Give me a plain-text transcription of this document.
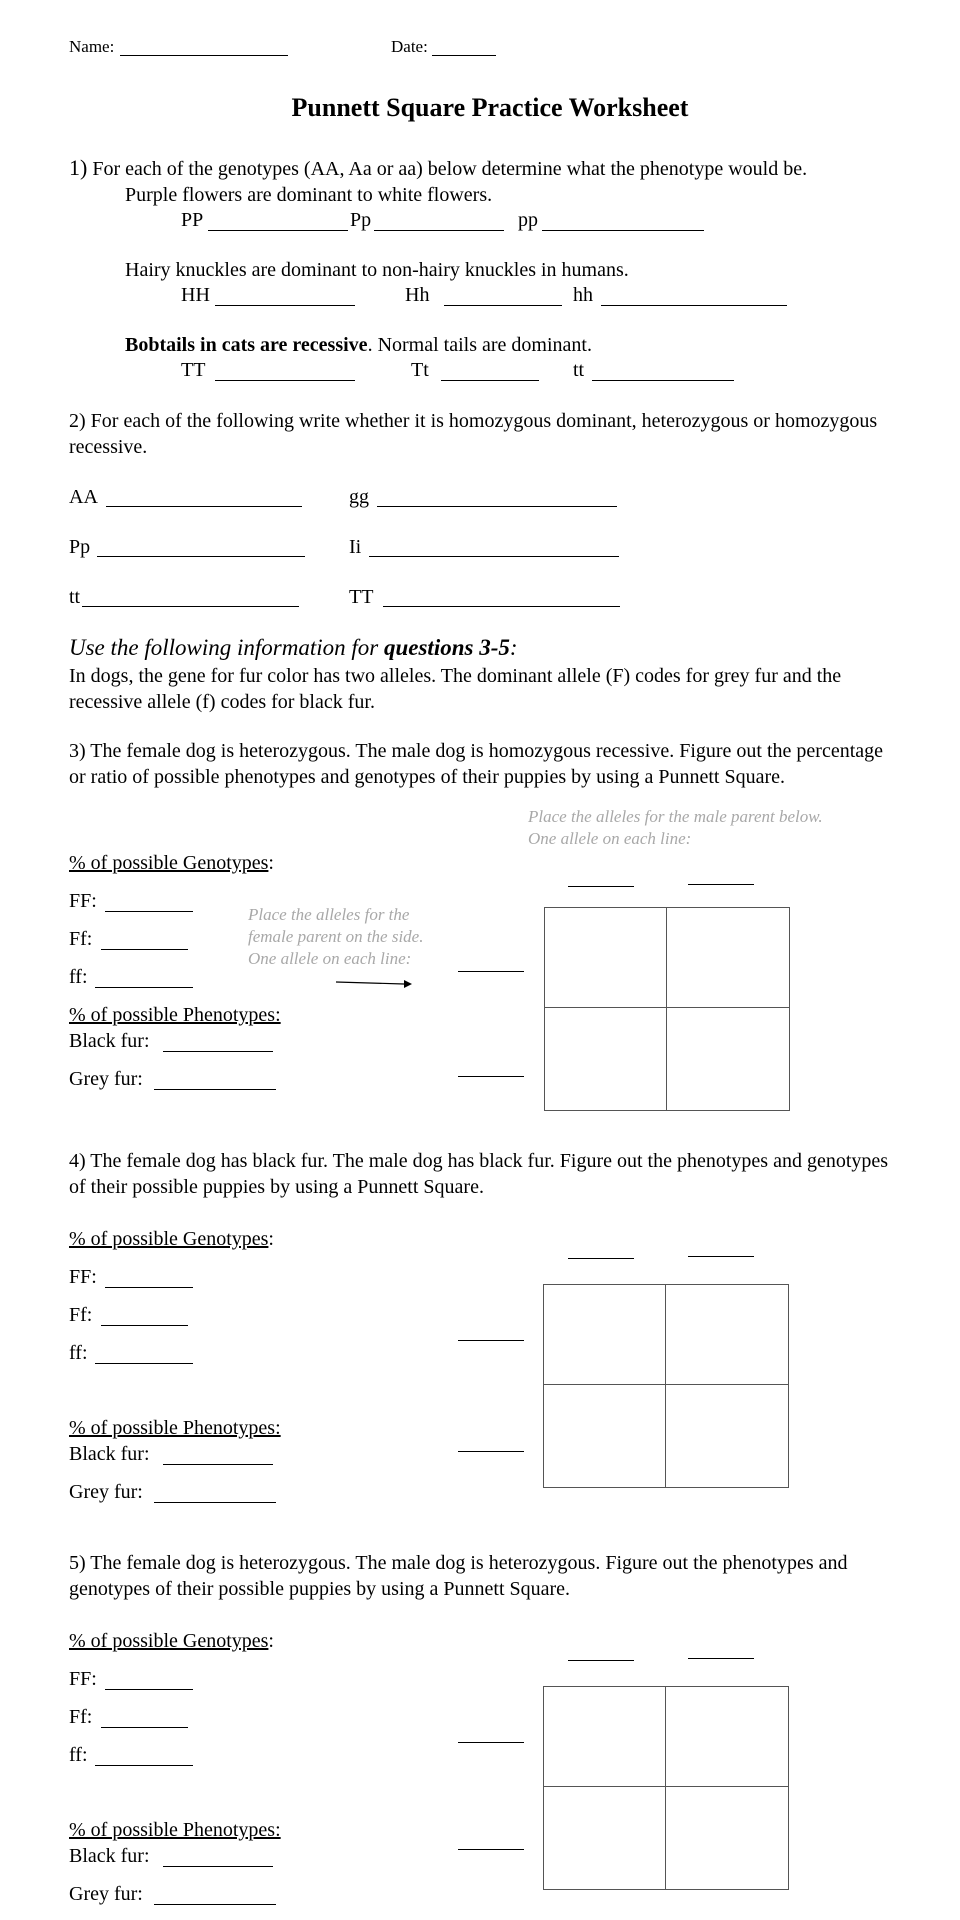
Name:	Date:
Punnett Square Practice Worksheet
1) For each of the genotypes (AA, Aa or aa) below determine what the phenotype would be.
Purple flowers are dominant to white flowers.
PP	Pp	pp
Hairy knuckles are dominant to non-hairy knuckles in humans.
HH	Hh	hh
Bobtails in cats are recessive. Normal tails are dominant.
TT	Tt	tt
2) For each of the following write whether it is homozygous dominant, heterozygous or homozygous recessive.
AA	gg
Pp	Ii
tt	TT
Use the following information for questions 3-5:
In dogs, the gene for fur color has two alleles. The dominant allele (F) codes for grey fur and the recessive allele (f) codes for black fur.
3) The female dog is heterozygous. The male dog is homozygous recessive. Figure out the percentage or ratio of possible phenotypes and genotypes of their puppies by using a Punnett Square.
Place the alleles for the male parent below. One allele on each line:
Place the alleles for the female parent on the side. One allele on each line:
% of possible Genotypes:
FF:
Ff:
ff:
% of possible Phenotypes:
Black fur:
Grey fur:
4) The female dog has black fur. The male dog has black fur. Figure out the phenotypes and genotypes of their possible puppies by using a Punnett Square.
% of possible Genotypes:
FF:
Ff:
ff:
% of possible Phenotypes:
Black fur:
Grey fur:
5) The female dog is heterozygous. The male dog is heterozygous. Figure out the phenotypes and genotypes of their possible puppies by using a Punnett Square.
% of possible Genotypes:
FF:
Ff:
ff:
% of possible Phenotypes:
Black fur:
Grey fur:
